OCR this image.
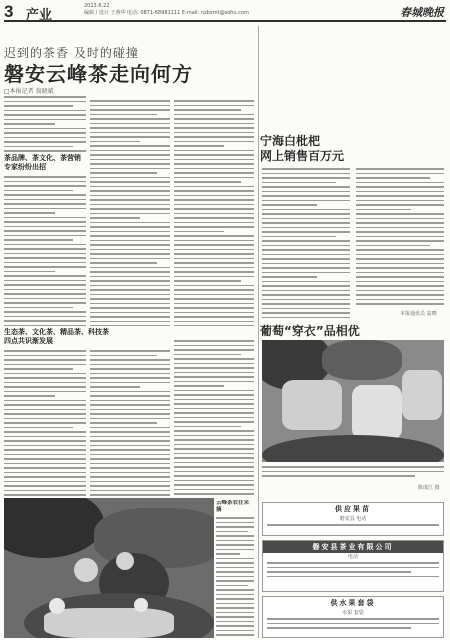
3 产业
2013.6.22
编辑 / 设计 王燕华 电话: 0871-68981111 E-mail: nzbxmt@sohu.com	春城晚报
迟到的茶香 及时的碰撞
磐安云峰茶走向何方
□本报记者 翁晓斌
茶品牌、茶文化、茶营销
专家纷纷出招
生态茶、文化茶、精品茶、科技茶
四点共识渐发展
云峰茶农在采摘
宁海白枇杷
网上销售百万元
本报通讯员 翁晓
葡萄“穿衣”品相优
陈成江 摄
供应果苗
磐安县 电话
磐安县茶业有限公司
电话
供水果套袋
水果 套袋
